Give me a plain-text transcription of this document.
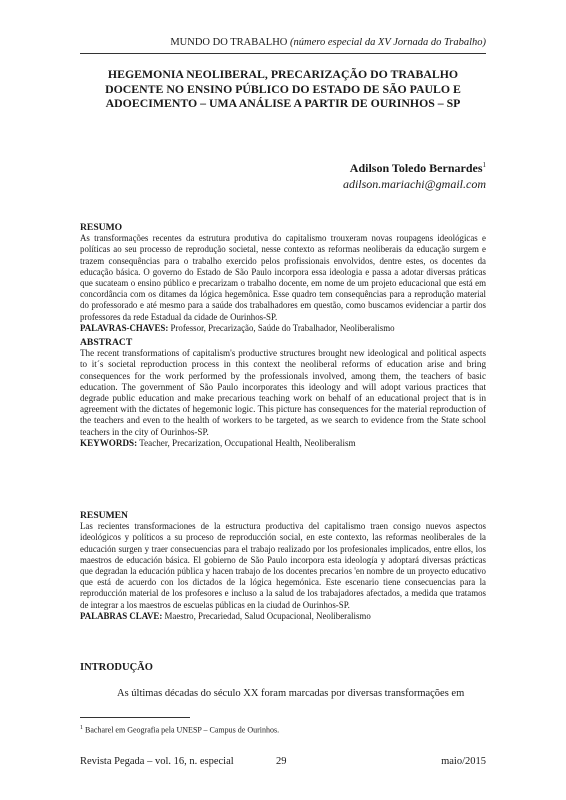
MUNDO DO TRABALHO (número especial da XV Jornada do Trabalho)
HEGEMONIA NEOLIBERAL, PRECARIZAÇÃO DO TRABALHO DOCENTE NO ENSINO PÚBLICO DO ESTADO DE SÃO PAULO E ADOECIMENTO – UMA ANÁLISE A PARTIR DE OURINHOS – SP
Adilson Toledo Bernardes$^1$
adilson.mariachi@gmail.com
RESUMO

As transformações recentes da estrutura produtiva do capitalismo trouxeram novas roupagens ideológicas e políticas ao seu processo de reprodução societal, nesse contexto as reformas neoliberais da educação surgem e trazem consequências para o trabalho exercido pelos profissionais envolvidos, dentre estes, os docentes da educação básica. O governo do Estado de São Paulo incorpora essa ideologia e passa a adotar diversas práticas que sucateam o ensino público e precarizam o trabalho docente, em nome de um projeto educacional que está em concordância com os ditames da lógica hegemônica. Esse quadro tem consequências para a reprodução material do professorado e até mesmo para a saúde dos trabalhadores em questão, como buscamos evidenciar a partir dos professores da rede Estadual da cidade de Ourinhos-SP.

PALAVRAS-CHAVES: Professor, Precarização, Saúde do Trabalhador, Neoliberalismo

ABSTRACT

The recent transformations of capitalism's productive structures brought new ideological and political aspects to it´s societal reproduction process in this context the neoliberal reforms of education arise and bring consequences for the work performed by the professionals involved, among them, the teachers of basic education. The government of São Paulo incorporates this ideology and will adopt various practices that degrade public education and make precarious teaching work on behalf of an educational project that is in agreement with the dictates of hegemonic logic. This picture has consequences for the material reproduction of the teachers and even to the health of workers to be targeted, as we search to evidence from the State school teachers in the city of Ourinhos-SP.

KEYWORDS: Teacher, Precarization, Occupational Health, Neoliberalism

RESUMEN

Las recientes transformaciones de la estructura productiva del capitalismo traen consigo nuevos aspectos ideológicos y políticos a su proceso de reproducción social, en este contexto, las reformas neoliberales de la educación surgen y traer consecuencias para el trabajo realizado por los profesionales implicados, entre ellos, los maestros de educación básica. El gobierno de São Paulo incorpora esta ideología y adoptará diversas prácticas que degradan la educación pública y hacen trabajo de los docentes precarios 'en nombre de un proyecto educativo que está de acuerdo con los dictados de la lógica hegemónica. Este escenario tiene consecuencias para la reproducción material de los profesores e incluso a la salud de los trabajadores afectados, a medida que tratamos de integrar a los maestros de escuelas públicas en la ciudad de Ourinhos-SP.

PALABRAS CLAVE: Maestro, Precariedad, Salud Ocupacional, Neoliberalismo

INTRODUÇÃO
As últimas décadas do século XX foram marcadas por diversas transformações em
$^1$ Bacharel em Geografia pela UNESP – Campus de Ourinhos.
Revista Pegada – vol. 16, n. especial	29	maio/2015
